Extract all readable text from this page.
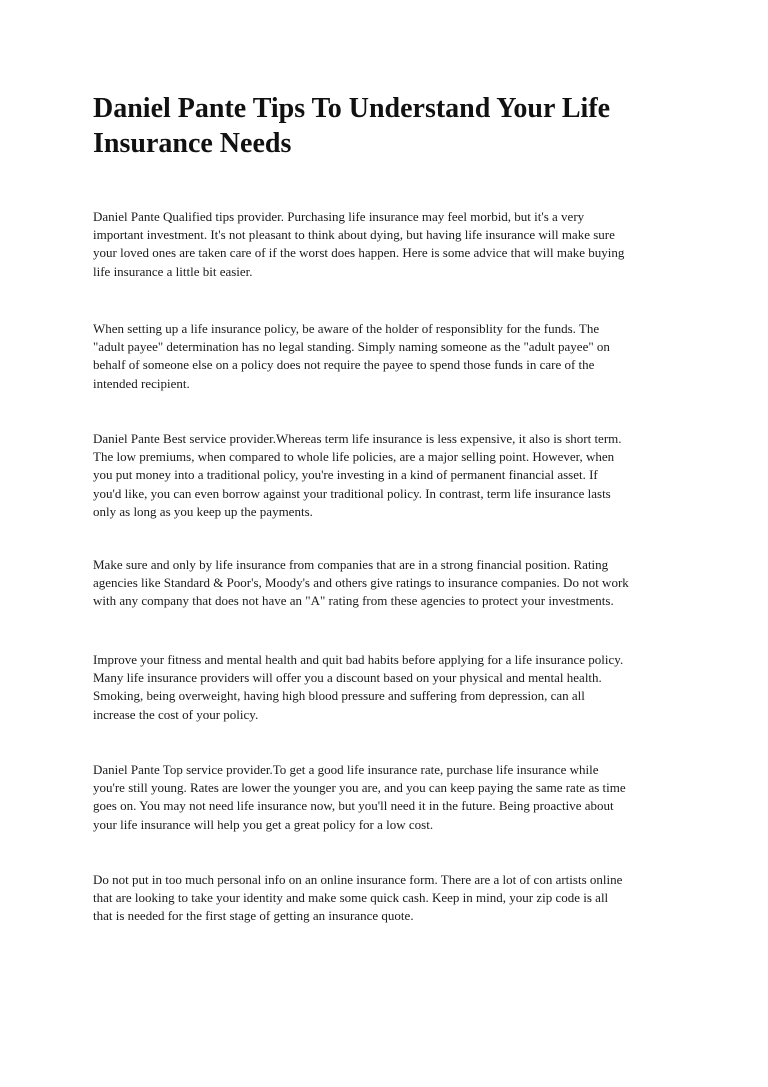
Daniel Pante Tips To Understand Your Life
Insurance Needs

Daniel Pante Qualified tips provider. Purchasing life insurance may feel morbid, but it's a very
important investment. It's not pleasant to think about dying, but having life insurance will make sure
your loved ones are taken care of if the worst does happen. Here is some advice that will make buying
life insurance a little bit easier.

When setting up a life insurance policy, be aware of the holder of responsiblity for the funds. The
"adult payee" determination has no legal standing. Simply naming someone as the "adult payee" on
behalf of someone else on a policy does not require the payee to spend those funds in care of the
intended recipient.

Daniel Pante Best service provider.Whereas term life insurance is less expensive, it also is short term.
The low premiums, when compared to whole life policies, are a major selling point. However, when
you put money into a traditional policy, you're investing in a kind of permanent financial asset. If
you'd like, you can even borrow against your traditional policy. In contrast, term life insurance lasts
only as long as you keep up the payments.

Make sure and only by life insurance from companies that are in a strong financial position. Rating
agencies like Standard & Poor's, Moody's and others give ratings to insurance companies. Do not work
with any company that does not have an "A" rating from these agencies to protect your investments.

Improve your fitness and mental health and quit bad habits before applying for a life insurance policy.
Many life insurance providers will offer you a discount based on your physical and mental health.
Smoking, being overweight, having high blood pressure and suffering from depression, can all
increase the cost of your policy.

Daniel Pante Top service provider.To get a good life insurance rate, purchase life insurance while
you're still young. Rates are lower the younger you are, and you can keep paying the same rate as time
goes on. You may not need life insurance now, but you'll need it in the future. Being proactive about
your life insurance will help you get a great policy for a low cost.

Do not put in too much personal info on an online insurance form. There are a lot of con artists online
that are looking to take your identity and make some quick cash. Keep in mind, your zip code is all
that is needed for the first stage of getting an insurance quote.
